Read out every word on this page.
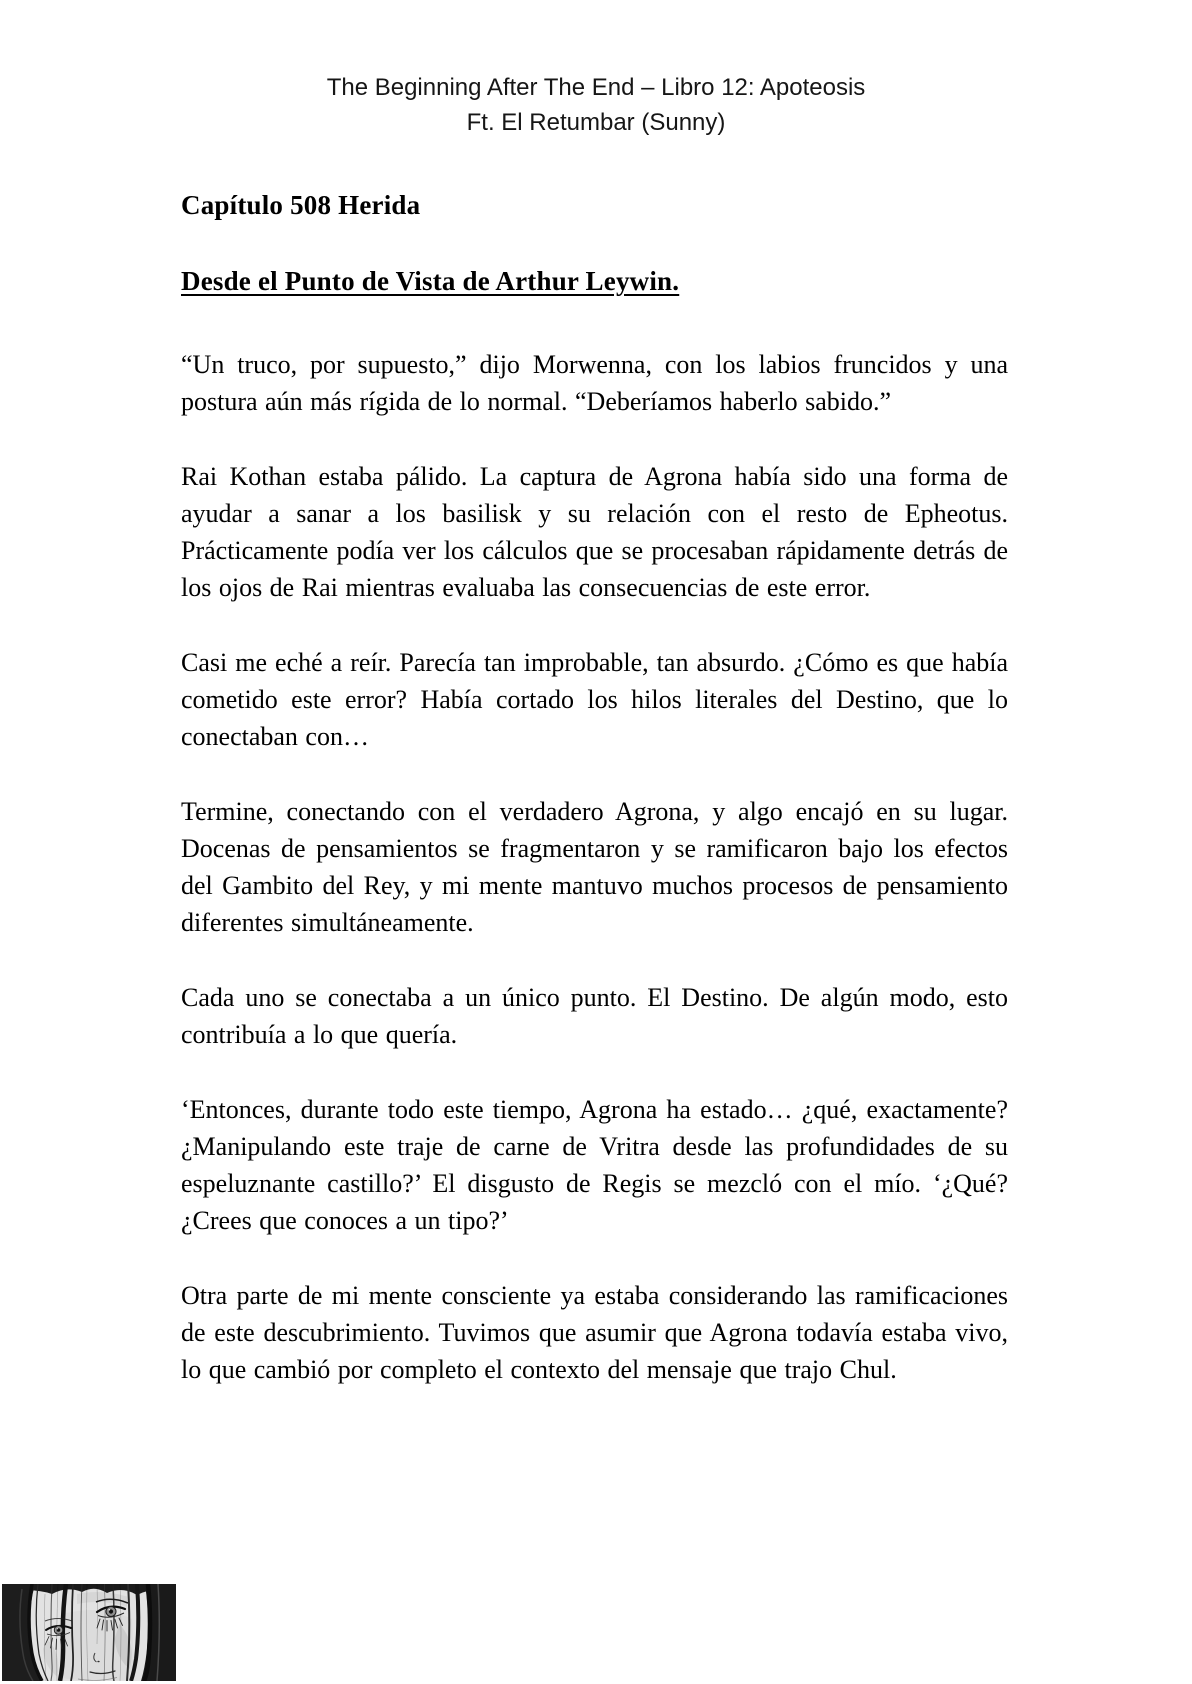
The Beginning After The End – Libro 12: Apoteosis
Ft. El Retumbar (Sunny)
Capítulo 508 Herida
Desde el Punto de Vista de Arthur Leywin.

“Un truco, por supuesto,” dijo Morwenna, con los labios fruncidos y una postura aún más rígida de lo normal. “Deberíamos haberlo sabido.”

Rai Kothan estaba pálido. La captura de Agrona había sido una forma de ayudar a sanar a los basilisk y su relación con el resto de Epheotus. Prácticamente podía ver los cálculos que se procesaban rápidamente detrás de los ojos de Rai mientras evaluaba las consecuencias de este error.

Casi me eché a reír. Parecía tan improbable, tan absurdo. ¿Cómo es que había cometido este error? Había cortado los hilos literales del Destino, que lo conectaban con…

Termine, conectando con el verdadero Agrona, y algo encajó en su lugar. Docenas de pensamientos se fragmentaron y se ramificaron bajo los efectos del Gambito del Rey, y mi mente mantuvo muchos procesos de pensamiento diferentes simultáneamente.

Cada uno se conectaba a un único punto. El Destino. De algún modo, esto contribuía a lo que quería.

‘Entonces, durante todo este tiempo, Agrona ha estado… ¿qué, exactamente? ¿Manipulando este traje de carne de Vritra desde las profundidades de su espeluznante castillo?’ El disgusto de Regis se mezcló con el mío. ‘¿Qué? ¿Crees que conoces a un tipo?’

Otra parte de mi mente consciente ya estaba considerando las ramificaciones de este descubrimiento. Tuvimos que asumir que Agrona todavía estaba vivo, lo que cambió por completo el contexto del mensaje que trajo Chul.
